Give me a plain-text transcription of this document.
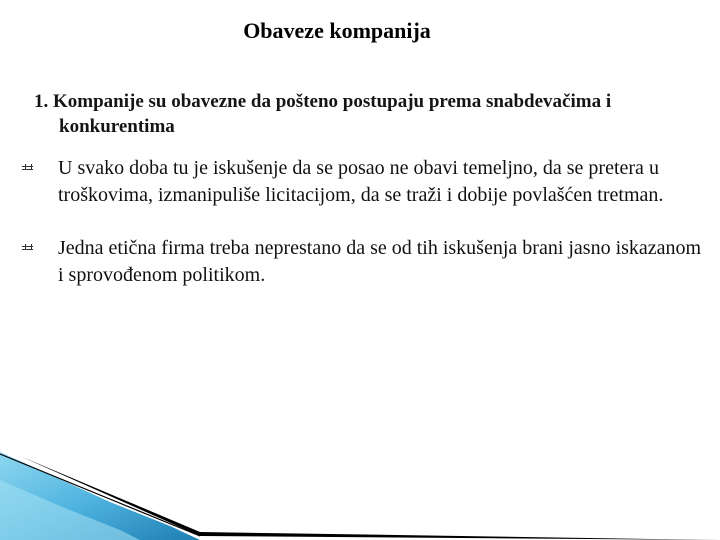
Obaveze kompanija

1. Kompanije su obavezne da pošteno postupaju prema snabdevačima i konkurentima

U svako doba tu je iskušenje da se posao ne obavi temeljno, da se pretera u troškovima, izmanipuliše licitacijom, da se traži i dobije povlašćen tretman.
Jedna etična firma treba neprestano da se od tih iskušenja brani jasno iskazanom i sprovođenom politikom.
